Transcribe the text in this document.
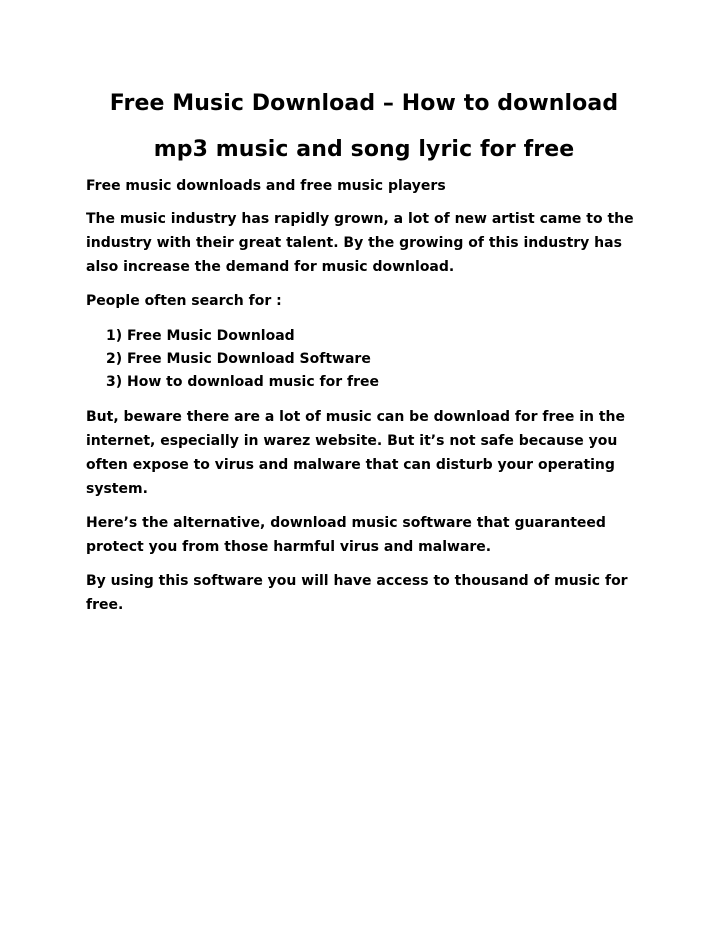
Free Music Download – How to download
mp3 music and song lyric for free
Free music downloads and free music players
The music industry has rapidly grown, a lot of new artist came to the
industry with their great talent. By the growing of this industry has
also increase the demand for music download.
People often search for :
1) Free Music Download
2) Free Music Download Software
3) How to download music for free
But, beware there are a lot of music can be download for free in the
internet, especially in warez website. But it’s not safe because you
often expose to virus and malware that can disturb your operating
system.
Here’s the alternative, download music software that guaranteed
protect you from those harmful virus and malware.
By using this software you will have access to thousand of music for
free.
